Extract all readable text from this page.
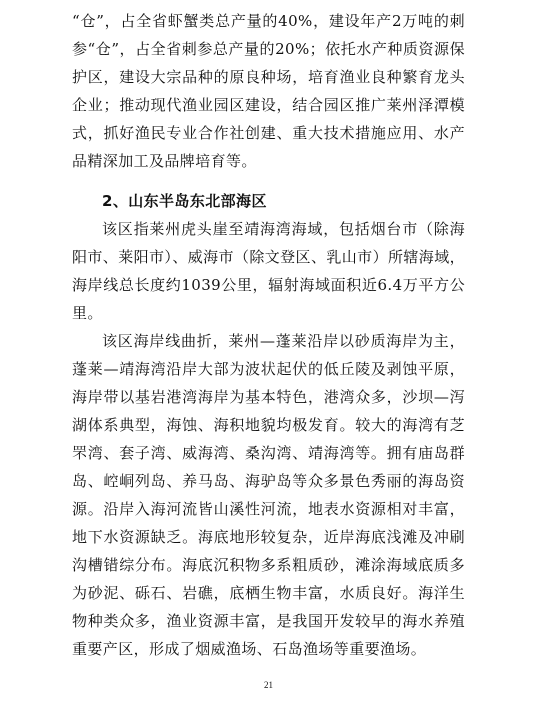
“仓”，占全省虾蟹类总产量的40%，建设年产2万吨的刺参“仓”，占全省刺参总产量的20%；依托水产种质资源保护区，建设大宗品种的原良种场，培育渔业良种繁育龙头企业；推动现代渔业园区建设，结合园区推广莱州泽潭模式，抓好渔民专业合作社创建、重大技术措施应用、水产品精深加工及品牌培育等。

2、山东半岛东北部海区

该区指莱州虎头崖至靖海湾海域，包括烟台市（除海阳市、莱阳市）、威海市（除文登区、乳山市）所辖海域，海岸线总长度约1039公里，辐射海域面积近6.4万平方公里。

该区海岸线曲折，莱州—蓬莱沿岸以砂质海岸为主，蓬莱—靖海湾沿岸大部为波状起伏的低丘陵及剥蚀平原，海岸带以基岩港湾海岸为基本特色，港湾众多，沙坝—泻湖体系典型，海蚀、海积地貌均极发育。较大的海湾有芝罘湾、套子湾、威海湾、桑沟湾、靖海湾等。拥有庙岛群岛、崆峒列岛、养马岛、海驴岛等众多景色秀丽的海岛资源。沿岸入海河流皆山溪性河流，地表水资源相对丰富，地下水资源缺乏。海底地形较复杂，近岸海底浅滩及冲刷沟槽错综分布。海底沉积物多系粗质砂，滩涂海域底质多为砂泥、砾石、岩礁，底栖生物丰富，水质良好。海洋生物种类众多，渔业资源丰富，是我国开发较早的海水养殖重要产区，形成了烟威渔场、石岛渔场等重要渔场。

21
